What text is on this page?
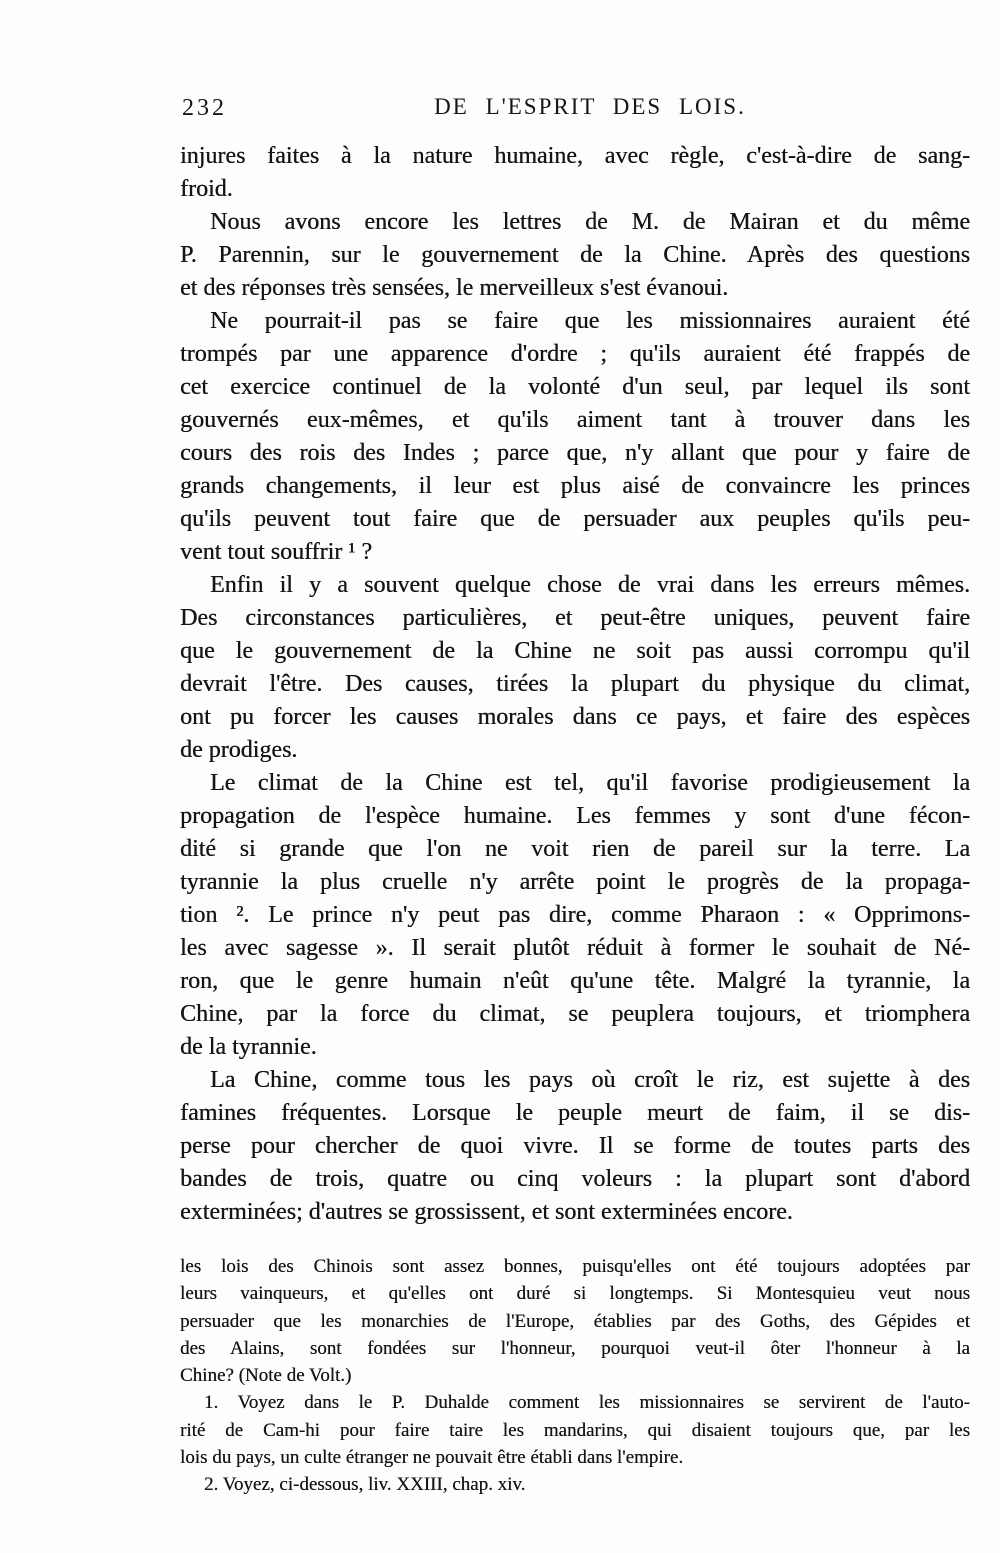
232	DE L'ESPRIT DES LOIS.
injures faites à la nature humaine, avec règle, c'est-à-dire de sang-
froid.
Nous avons encore les lettres de M. de Mairan et du même
P. Parennin, sur le gouvernement de la Chine. Après des questions
et des réponses très sensées, le merveilleux s'est évanoui.
Ne pourrait-il pas se faire que les missionnaires auraient été
trompés par une apparence d'ordre ; qu'ils auraient été frappés de
cet exercice continuel de la volonté d'un seul, par lequel ils sont
gouvernés eux-mêmes, et qu'ils aiment tant à trouver dans les
cours des rois des Indes ; parce que, n'y allant que pour y faire de
grands changements, il leur est plus aisé de convaincre les princes
qu'ils peuvent tout faire que de persuader aux peuples qu'ils peu-
vent tout souffrir ¹ ?
Enfin il y a souvent quelque chose de vrai dans les erreurs mêmes.
Des circonstances particulières, et peut-être uniques, peuvent faire
que le gouvernement de la Chine ne soit pas aussi corrompu qu'il
devrait l'être. Des causes, tirées la plupart du physique du climat,
ont pu forcer les causes morales dans ce pays, et faire des espèces
de prodiges.
Le climat de la Chine est tel, qu'il favorise prodigieusement la
propagation de l'espèce humaine. Les femmes y sont d'une fécon-
dité si grande que l'on ne voit rien de pareil sur la terre. La
tyrannie la plus cruelle n'y arrête point le progrès de la propaga-
tion ². Le prince n'y peut pas dire, comme Pharaon : « Opprimons-
les avec sagesse ». Il serait plutôt réduit à former le souhait de Né-
ron, que le genre humain n'eût qu'une tête. Malgré la tyrannie, la
Chine, par la force du climat, se peuplera toujours, et triomphera
de la tyrannie.
La Chine, comme tous les pays où croît le riz, est sujette à des
famines fréquentes. Lorsque le peuple meurt de faim, il se dis-
perse pour chercher de quoi vivre. Il se forme de toutes parts des
bandes de trois, quatre ou cinq voleurs : la plupart sont d'abord
exterminées; d'autres se grossissent, et sont exterminées encore.
les lois des Chinois sont assez bonnes, puisqu'elles ont été toujours adoptées par
leurs vainqueurs, et qu'elles ont duré si longtemps. Si Montesquieu veut nous
persuader que les monarchies de l'Europe, établies par des Goths, des Gépides et
des Alains, sont fondées sur l'honneur, pourquoi veut-il ôter l'honneur à la
Chine? (Note de Volt.)
1. Voyez dans le P. Duhalde comment les missionnaires se servirent de l'auto-
rité de Cam-hi pour faire taire les mandarins, qui disaient toujours que, par les
lois du pays, un culte étranger ne pouvait être établi dans l'empire.
2. Voyez, ci-dessous, liv. XXIII, chap. xiv.
